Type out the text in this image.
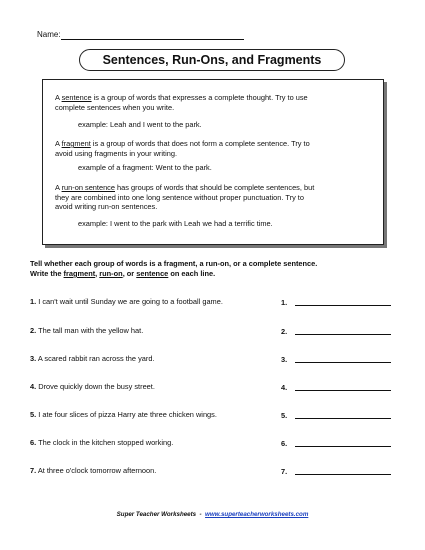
Name:
Sentences, Run-Ons, and Fragments
A sentence is a group of words that expresses a complete thought. Try to use
complete sentences when you write.
example: Leah and I went to the park.
A fragment is a group of words that does not form a complete sentence. Try to
avoid using fragments in your writing.
example of a fragment: Went to the park.
A run-on sentence has groups of words that should be complete sentences, but
they are combined into one long sentence without proper punctuation. Try to
avoid writing run-on sentences.
example: I went to the park with Leah we had a terrific time.
Tell whether each group of words is a fragment, a run-on, or a complete sentence.
Write the fragment, run-on, or sentence on each line.
1. I can't wait until Sunday we are going to a football game.	1.
2. The tall man with the yellow hat.	2.
3. A scared rabbit ran across the yard.	3.
4. Drove quickly down the busy street.	4.
5. I ate four slices of pizza Harry ate three chicken wings.	5.
6. The clock in the kitchen stopped working.	6.
7. At three o'clock tomorrow afternoon.	7.
Super Teacher Worksheets  -  www.superteacherworksheets.com
